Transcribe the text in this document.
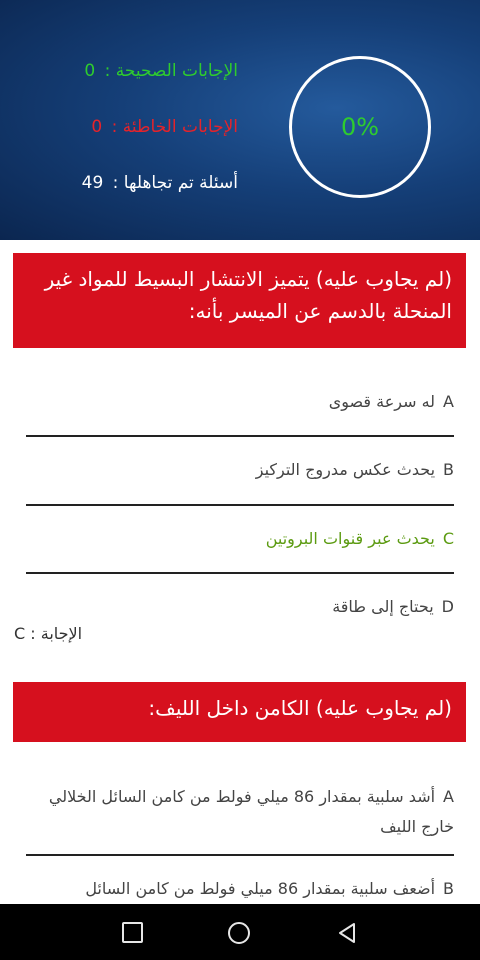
الإجابات الصحيحة : 0
الإجابات الخاطئة : 0
أسئلة تم تجاهلها : 49
0%
(لم يجاوب عليه) يتميز الانتشار البسيط للمواد غير المنحلة بالدسم عن الميسر بأنه:
Aله سرعة قصوى
Bيحدث عكس مدروج التركيز
Cيحدث عبر قنوات البروتين
Dيحتاج إلى طاقة
الإجابة : C
(لم يجاوب عليه) الكامن داخل الليف:
Aأشد سلبية بمقدار 86 ميلي فولط من كامن السائل الخلالي خارج الليف
Bأضعف سلبية بمقدار 86 ميلي فولط من كامن السائل
